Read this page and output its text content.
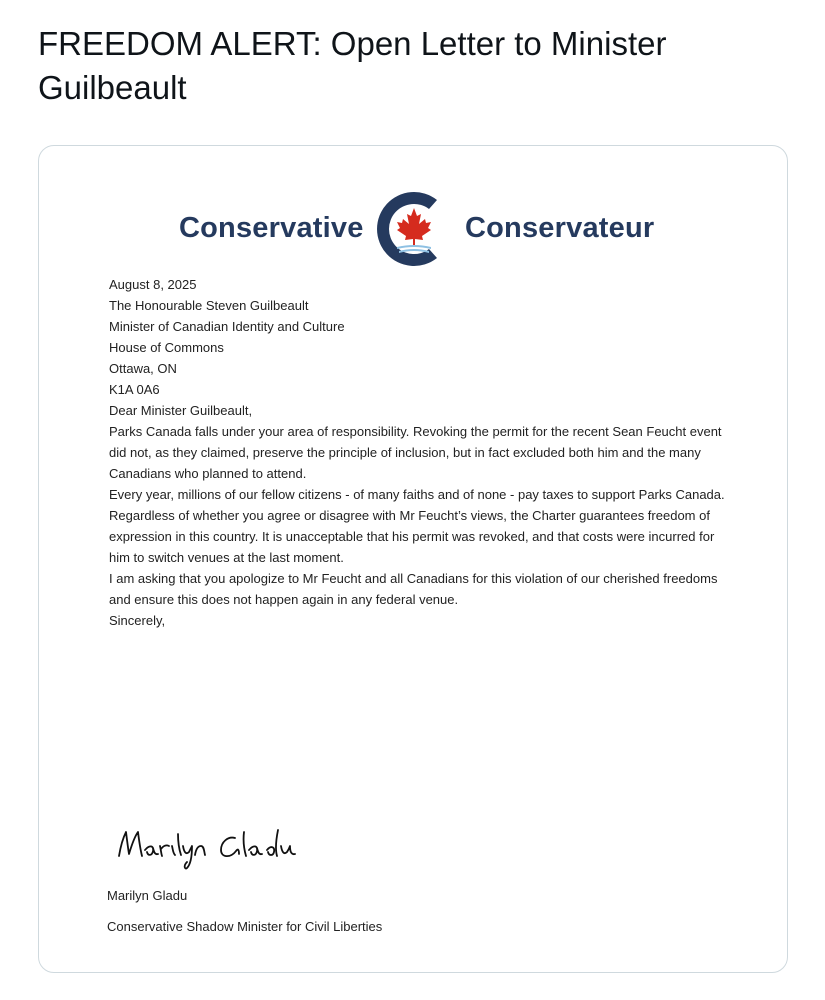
FREEDOM ALERT: Open Letter to Minister Guilbeault
Conservative	Conservateur

August 8, 2025

The Honourable Steven Guilbeault
Minister of Canadian Identity and Culture
House of Commons
Ottawa, ON
K1A 0A6

Dear Minister Guilbeault,

Parks Canada falls under your area of responsibility. Revoking the permit for the recent Sean Feucht event did not, as they claimed, preserve the principle of inclusion, but in fact excluded both him and the many Canadians who planned to attend.

Every year, millions of our fellow citizens - of many faiths and of none - pay taxes to support Parks Canada. Regardless of whether you agree or disagree with Mr Feucht’s views, the Charter guarantees freedom of expression in this country. It is unacceptable that his permit was revoked, and that costs were incurred for him to switch venues at the last moment.

I am asking that you apologize to Mr Feucht and all Canadians for this violation of our cherished freedoms and ensure this does not happen again in any federal venue.

Sincerely,

Marilyn Gladu
Conservative Shadow Minister for Civil Liberties
